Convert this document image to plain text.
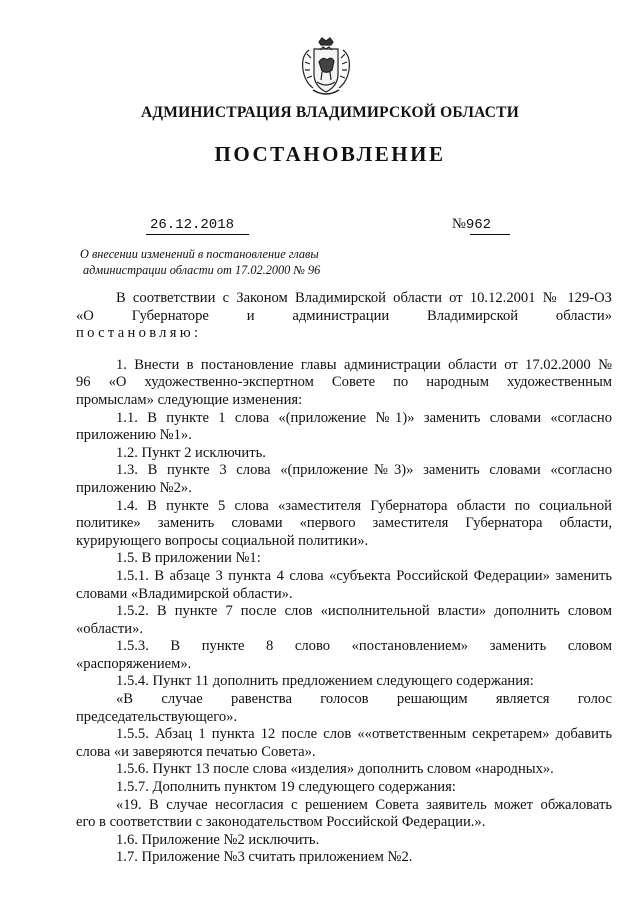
АДМИНИСТРАЦИЯ ВЛАДИМИРСКОЙ ОБЛАСТИ
ПОСТАНОВЛЕНИЕ
26.12.2018	№962
О внесении изменений в постановление главы
администрации области от 17.02.2000 № 96
В соответствии с Законом Владимирской области от 10.12.2001 № 129-ОЗ
«О Губернаторе и администрации Владимирской области»
постановляю:
1. Внести в постановление главы администрации области от 17.02.2000 №
96 «О художественно-экспертном Совете по народным художественным
промыслам» следующие изменения:
1.1. В пункте 1 слова «(приложение №1)» заменить словами «согласно
приложению №1».
1.2. Пункт 2 исключить.
1.3. В пункте 3 слова «(приложение№3)» заменить словами «согласно
приложению №2».
1.4. В пункте 5 слова «заместителя Губернатора области по социальной
политике» заменить словами «первого заместителя Губернатора области,
курирующего вопросы социальной политики».
1.5. В приложении №1:
1.5.1. В абзаце 3 пункта 4 слова «субъекта Российской Федерации» заменить
словами «Владимирской области».
1.5.2. В пункте 7 после слов «исполнительной власти» дополнить словом
«области».
1.5.3. В пункте 8 слово «постановлением» заменить словом
«распоряжением».
1.5.4. Пункт 11 дополнить предложением следующего содержания:
«В случае равенства голосов решающим является голос
председательствующего».
1.5.5. Абзац 1 пункта 12 после слов ««ответственным секретарем» добавить
слова «и заверяются печатью Совета».
1.5.6. Пункт 13 после слова «изделия» дополнить словом «народных».
1.5.7. Дополнить пунктом 19 следующего содержания:
«19. В случае несогласия с решением Совета заявитель может обжаловать
его в соответствии с законодательством Российской Федерации.».
1.6. Приложение №2 исключить.
1.7. Приложение №3 считать приложением №2.
